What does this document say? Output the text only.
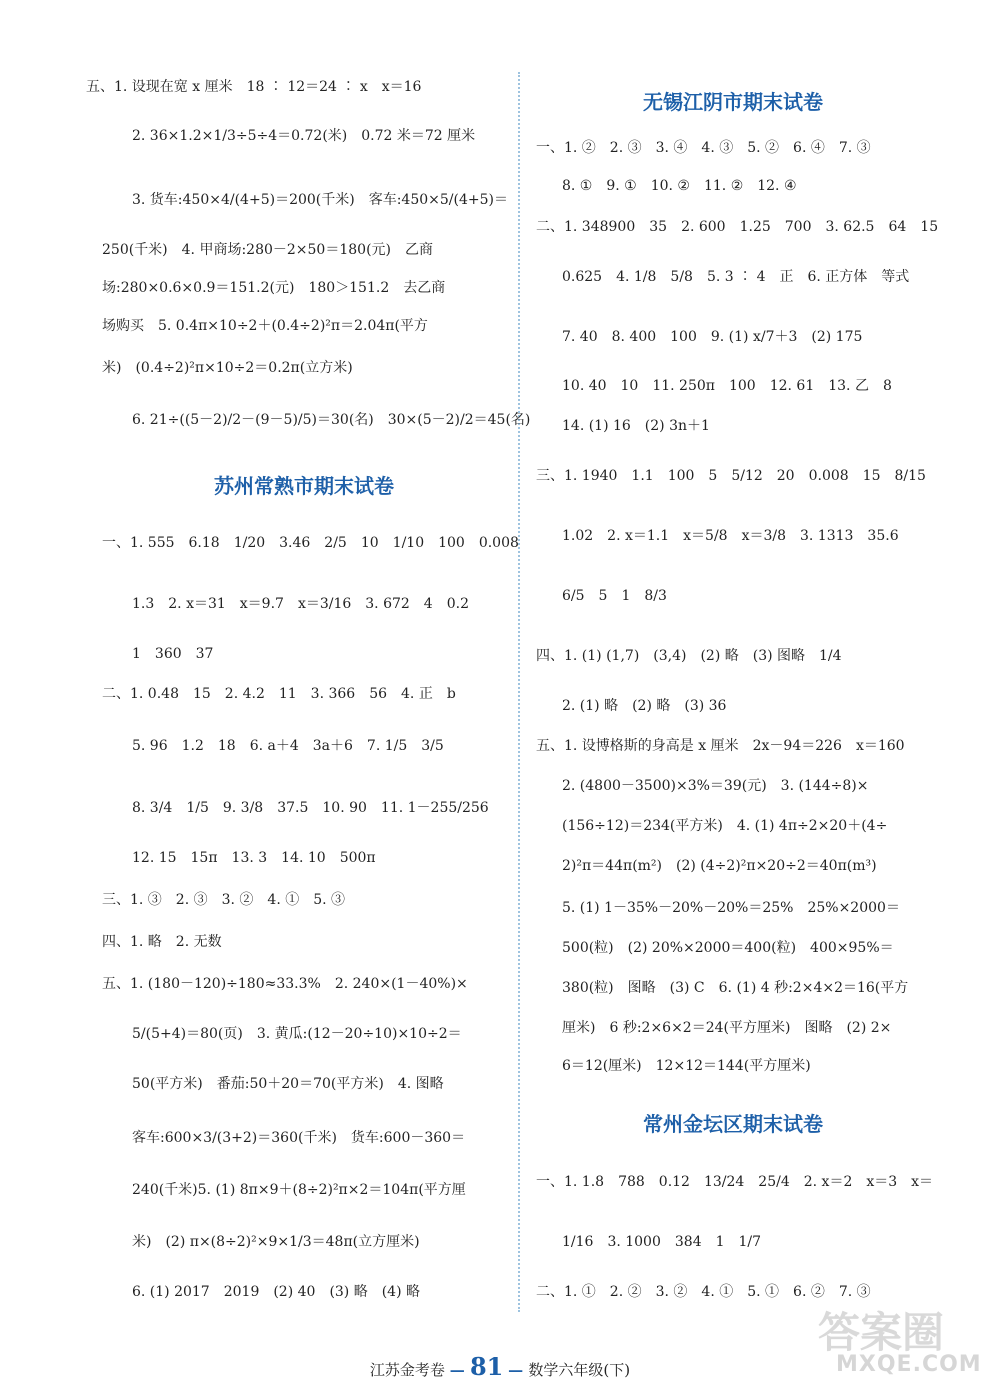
五、1. 设现在宽 x 厘米　18 ∶ 12＝24 ∶ x　x＝16
2. 36×1.2×1/3÷5÷4＝0.72(米)　0.72 米＝72 厘米
3. 货车:450×4/(4+5)＝200(千米)　客车:450×5/(4+5)＝
250(千米)　4. 甲商场:280－2×50＝180(元)　乙商
场:280×0.6×0.9＝151.2(元)　180＞151.2　去乙商
场购买　5. 0.4π×10÷2＋(0.4÷2)²π＝2.04π(平方
米)　(0.4÷2)²π×10÷2＝0.2π(立方米)
6. 21÷((5－2)/2－(9－5)/5)＝30(名)　30×(5－2)/2＝45(名)
苏州常熟市期末试卷
一、1. 555　6.18　1/20　3.46　2/5　10　1/10　100　0.008
1.3　2. x＝31　x＝9.7　x＝3/16　3. 672　4　0.2
1　360　37
二、1. 0.48　15　2. 4.2　11　3. 366　56　4. 正　b
5. 96　1.2　18　6. a＋4　3a＋6　7. 1/5　3/5
8. 3/4　1/5　9. 3/8　37.5　10. 90　11. 1－255/256
12. 15　15π　13. 3　14. 10　500π
三、1. ③　2. ③　3. ②　4. ①　5. ③
四、1. 略　2. 无数
五、1. (180－120)÷180≈33.3%　2. 240×(1－40%)×
5/(5+4)＝80(页)　3. 黄瓜:(12－20÷10)×10÷2＝
50(平方米)　番茄:50＋20＝70(平方米)　4. 图略
客车:600×3/(3+2)＝360(千米)　货车:600－360＝
240(千米)5. (1) 8π×9＋(8÷2)²π×2＝104π(平方厘
米)　(2) π×(8÷2)²×9×1/3＝48π(立方厘米)
6. (1) 2017　2019　(2) 40　(3) 略　(4) 略
无锡江阴市期末试卷
一、1. ②　2. ③　3. ④　4. ③　5. ②　6. ④　7. ③
8. ①　9. ①　10. ②　11. ②　12. ④
二、1. 348900　35　2. 600　1.25　700　3. 62.5　64　15
0.625　4. 1/8　5/8　5. 3 ∶ 4　正　6. 正方体　等式
7. 40　8. 400　100　9. (1) x/7＋3　(2) 175
10. 40　10　11. 250π　100　12. 61　13. 乙　8
14. (1) 16　(2) 3n＋1
三、1. 1940　1.1　100　5　5/12　20　0.008　15　8/15
1.02　2. x＝1.1　x＝5/8　x＝3/8　3. 1313　35.6
6/5　5　1　8/3
四、1. (1) (1,7)　(3,4)　(2) 略　(3) 图略　1/4
2. (1) 略　(2) 略　(3) 36
五、1. 设博格斯的身高是 x 厘米　2x－94＝226　x＝160
2. (4800－3500)×3%＝39(元)　3. (144÷8)×
(156÷12)＝234(平方米)　4. (1) 4π÷2×20＋(4÷
2)²π＝44π(m²)　(2) (4÷2)²π×20÷2＝40π(m³)
5. (1) 1－35%－20%－20%＝25%　25%×2000＝
500(粒)　(2) 20%×2000＝400(粒)　400×95%＝
380(粒)　图略　(3) C　6. (1) 4 秒:2×4×2＝16(平方
厘米)　6 秒:2×6×2＝24(平方厘米)　图略　(2) 2×
6＝12(厘米)　12×12＝144(平方厘米)
常州金坛区期末试卷
一、1. 1.8　788　0.12　13/24　25/4　2. x＝2　x＝3　x＝
1/16　3. 1000　384　1　1/7
二、1. ①　2. ②　3. ②　4. ①　5. ①　6. ②　7. ③
江苏金考卷 — 81 — 数学六年级(下)
答案圈
MXQE.COM
